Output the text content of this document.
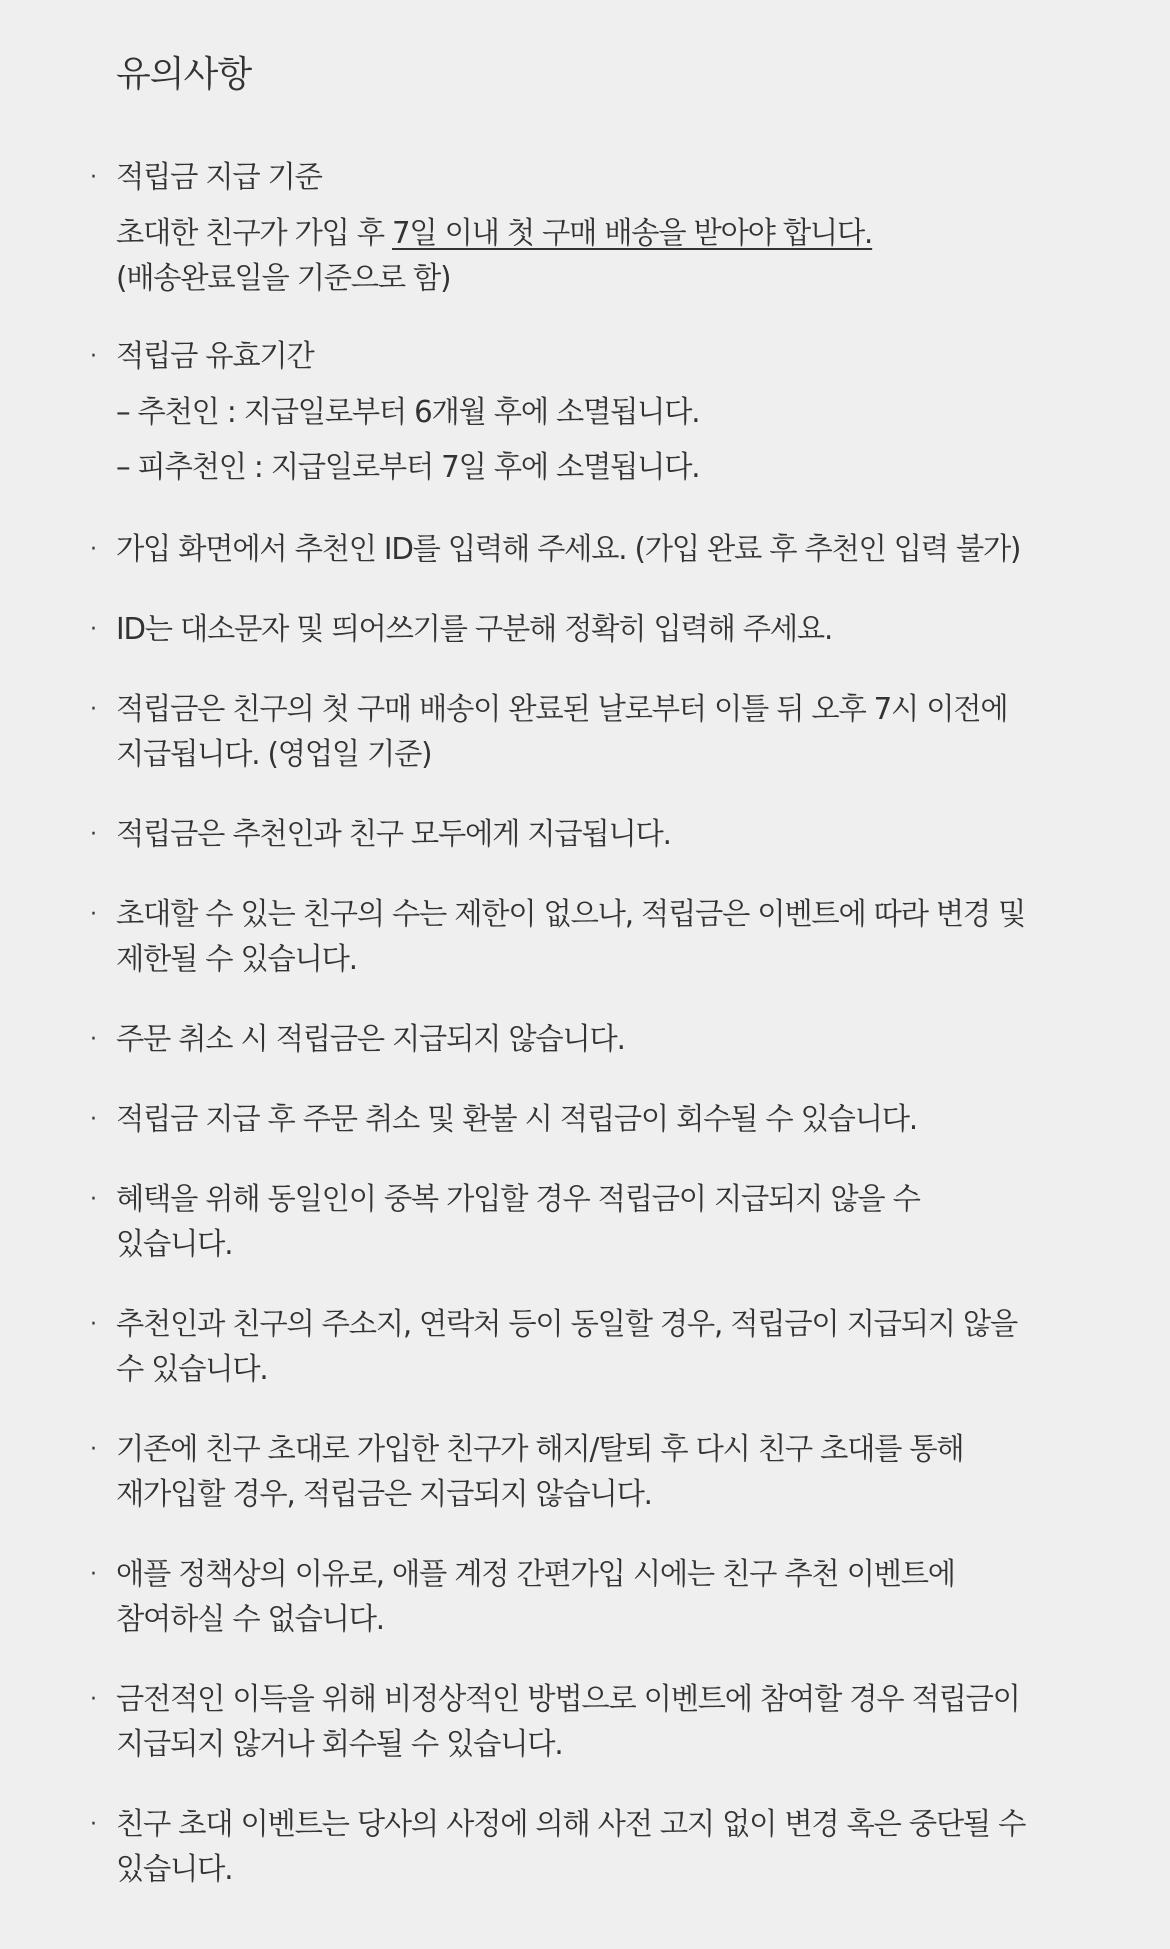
유의사항
· 적립금 지급 기준
초대한 친구가 가입 후 7일 이내 첫 구매 배송을 받아야 합니다.
(배송완료일을 기준으로 함)
· 적립금 유효기간
– 추천인 : 지급일로부터 6개월 후에 소멸됩니다.
– 피추천인 : 지급일로부터 7일 후에 소멸됩니다.
· 가입 화면에서 추천인 ID를 입력해 주세요. (가입 완료 후 추천인 입력 불가)
· ID는 대소문자 및 띄어쓰기를 구분해 정확히 입력해 주세요.
· 적립금은 친구의 첫 구매 배송이 완료된 날로부터 이틀 뒤 오후 7시 이전에
지급됩니다. (영업일 기준)
· 적립금은 추천인과 친구 모두에게 지급됩니다.
· 초대할 수 있는 친구의 수는 제한이 없으나, 적립금은 이벤트에 따라 변경 및
제한될 수 있습니다.
· 주문 취소 시 적립금은 지급되지 않습니다.
· 적립금 지급 후 주문 취소 및 환불 시 적립금이 회수될 수 있습니다.
· 혜택을 위해 동일인이 중복 가입할 경우 적립금이 지급되지 않을 수
있습니다.
· 추천인과 친구의 주소지, 연락처 등이 동일할 경우, 적립금이 지급되지 않을
수 있습니다.
· 기존에 친구 초대로 가입한 친구가 해지/탈퇴 후 다시 친구 초대를 통해
재가입할 경우, 적립금은 지급되지 않습니다.
· 애플 정책상의 이유로, 애플 계정 간편가입 시에는 친구 추천 이벤트에
참여하실 수 없습니다.
· 금전적인 이득을 위해 비정상적인 방법으로 이벤트에 참여할 경우 적립금이
지급되지 않거나 회수될 수 있습니다.
· 친구 초대 이벤트는 당사의 사정에 의해 사전 고지 없이 변경 혹은 중단될 수
있습니다.
